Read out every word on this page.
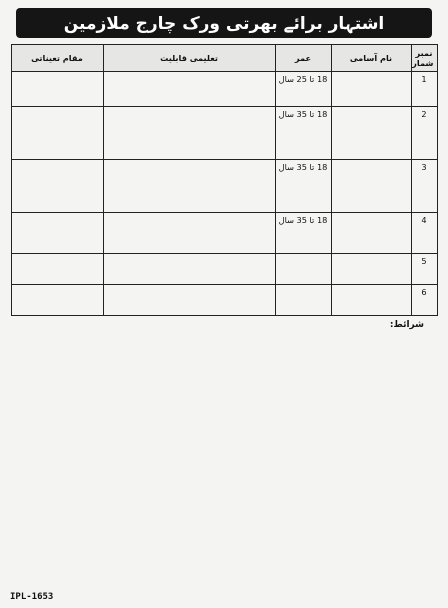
اشتہار برائے بھرتی ورک چارج ملازمین
نمبر شمار	نام آسامی	عمر	تعلیمی قابلیت	مقام تعیناتی
1		18 تا 25 سال		
2		18 تا 35 سال		
3		18 تا 35 سال		
4		18 تا 35 سال		
5				
6				
شرائط:
IPL-1653
